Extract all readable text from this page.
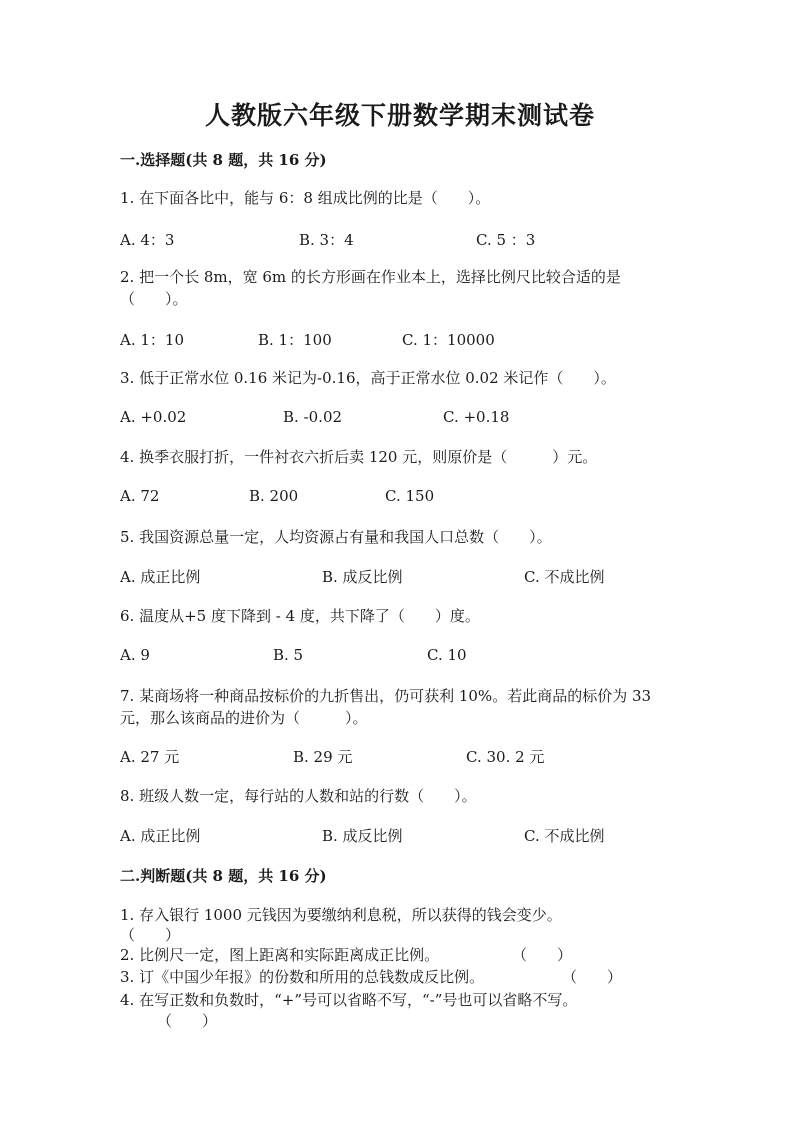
人教版六年级下册数学期末测试卷
一.选择题(共 8 题，共 16 分)
1. 在下面各比中，能与 6：8 组成比例的比是（　　）。
A. 4：3	B. 3：4	C. 5 ：3
2. 把一个长 8m，宽 6m 的长方形画在作业本上，选择比例尺比较合适的是
（　　）。
A. 1：10	B. 1：100	C. 1：10000
3. 低于正常水位 0.16 米记为-0.16，高于正常水位 0.02 米记作（　　）。
A. +0.02	B. -0.02	C. +0.18
4. 换季衣服打折，一件衬衣六折后卖 120 元，则原价是（　　　）元。
A. 72	B. 200	C. 150
5. 我国资源总量一定，人均资源占有量和我国人口总数（　　）。
A. 成正比例	B. 成反比例	C. 不成比例
6. 温度从+5 度下降到 - 4 度，共下降了（　　）度。
A. 9	B. 5	C. 10
7. 某商场将一种商品按标价的九折售出，仍可获利 10%。若此商品的标价为 33
元，那么该商品的进价为（　　　）。
A. 27 元	B. 29 元	C. 30. 2 元
8. 班级人数一定，每行站的人数和站的行数（　　）。
A. 成正比例	B. 成反比例	C. 不成比例
二.判断题(共 8 题，共 16 分)
1. 存入银行 1000 元钱因为要缴纳利息税，所以获得的钱会变少。
（　　）
2. 比例尺一定，图上距离和实际距离成正比例。	（　　）
3. 订《中国少年报》的份数和所用的总钱数成反比例。	（　　）
4. 在写正数和负数时，“+”号可以省略不写，“-”号也可以省略不写。
（　　）
